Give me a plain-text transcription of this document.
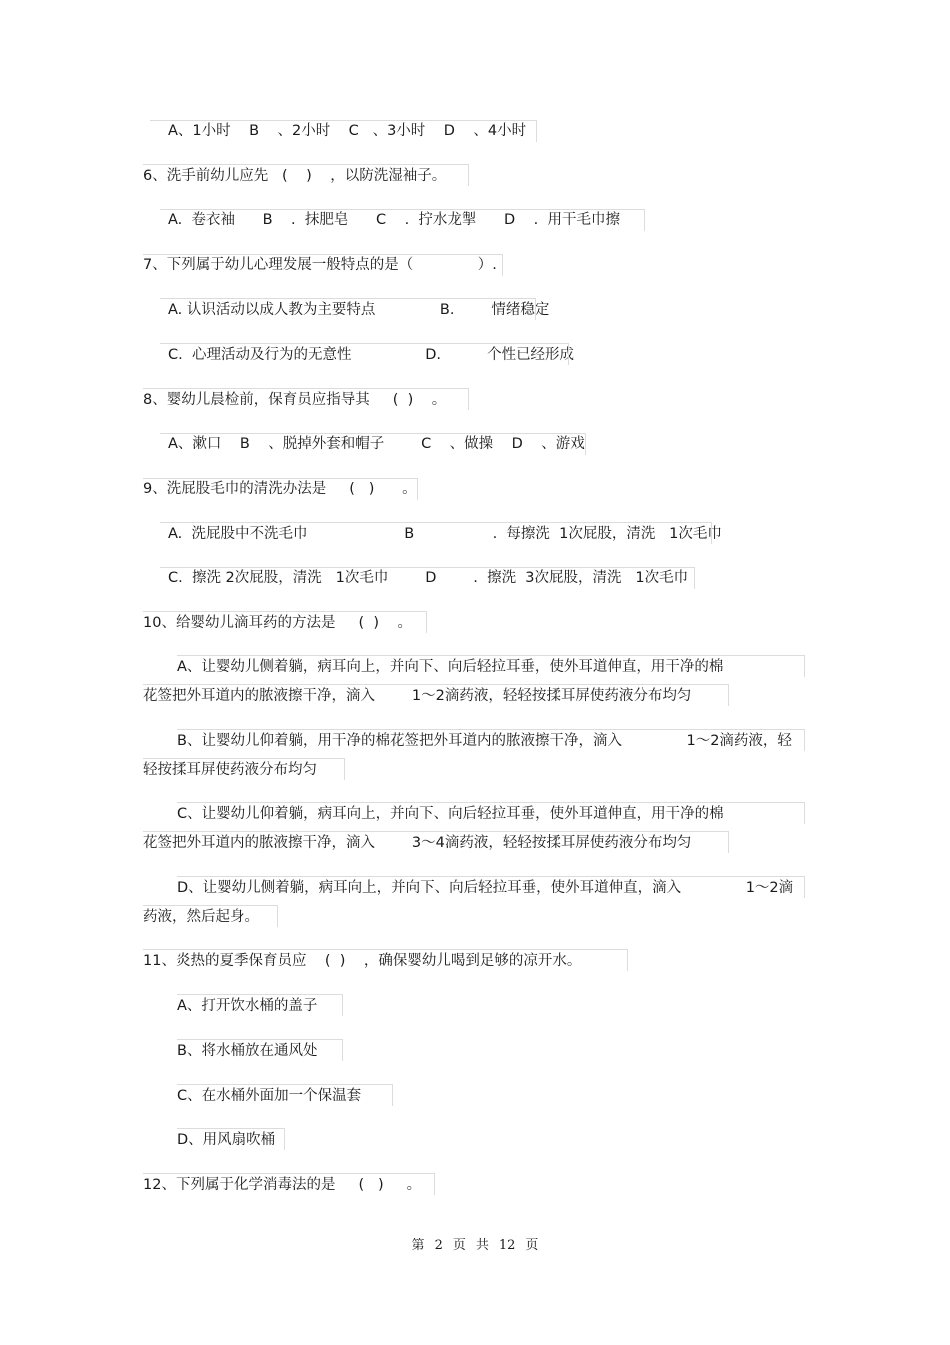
A、1小时    B    、2小时    C   、3小时    D    、4小时
6、洗手前幼儿应先   (    )    ，以防洗湿袖子。
A.  卷衣袖      B    .  抹肥皂      C    .  拧水龙掣      D    .  用干毛巾擦
7、下列属于幼儿心理发展一般特点的是（              ）.
A. 认识活动以成人教为主要特点              B.        情绪稳定
C.  心理活动及行为的无意性                D.          个性已经形成
8、婴幼儿晨检前，保育员应指导其     (  )    。
A、漱口    B    、脱掉外套和帽子        C    、做操    D    、游戏
9、洗屁股毛巾的清洗办法是     (   )      。
A.  洗屁股中不洗毛巾                     B                 .  每擦洗  1次屁股，清洗   1次毛巾
C.  擦洗 2次屁股，清洗   1次毛巾        D        .  擦洗  3次屁股，清洗   1次毛巾
10、给婴幼儿滴耳药的方法是     (  )    。
A、让婴幼儿侧着躺，病耳向上，并向下、向后轻拉耳垂，使外耳道伸直，用干净的棉
花签把外耳道内的脓液擦干净，滴入        1～2滴药液，轻轻按揉耳屏使药液分布均匀
B、让婴幼儿仰着躺，用干净的棉花签把外耳道内的脓液擦干净，滴入              1～2滴药液，轻
轻按揉耳屏使药液分布均匀
C、让婴幼儿仰着躺，病耳向上，并向下、向后轻拉耳垂，使外耳道伸直，用干净的棉
花签把外耳道内的脓液擦干净，滴入        3～4滴药液，轻轻按揉耳屏使药液分布均匀
D、让婴幼儿侧着躺，病耳向上，并向下、向后轻拉耳垂，使外耳道伸直，滴入              1～2滴
药液，然后起身。
11、炎热的夏季保育员应    (  )    ，确保婴幼儿喝到足够的凉开水。
A、打开饮水桶的盖子
B、将水桶放在通风处
C、在水桶外面加一个保温套
D、用风扇吹桶
12、下列属于化学消毒法的是     (   )     。
第 2 页 共 12 页
